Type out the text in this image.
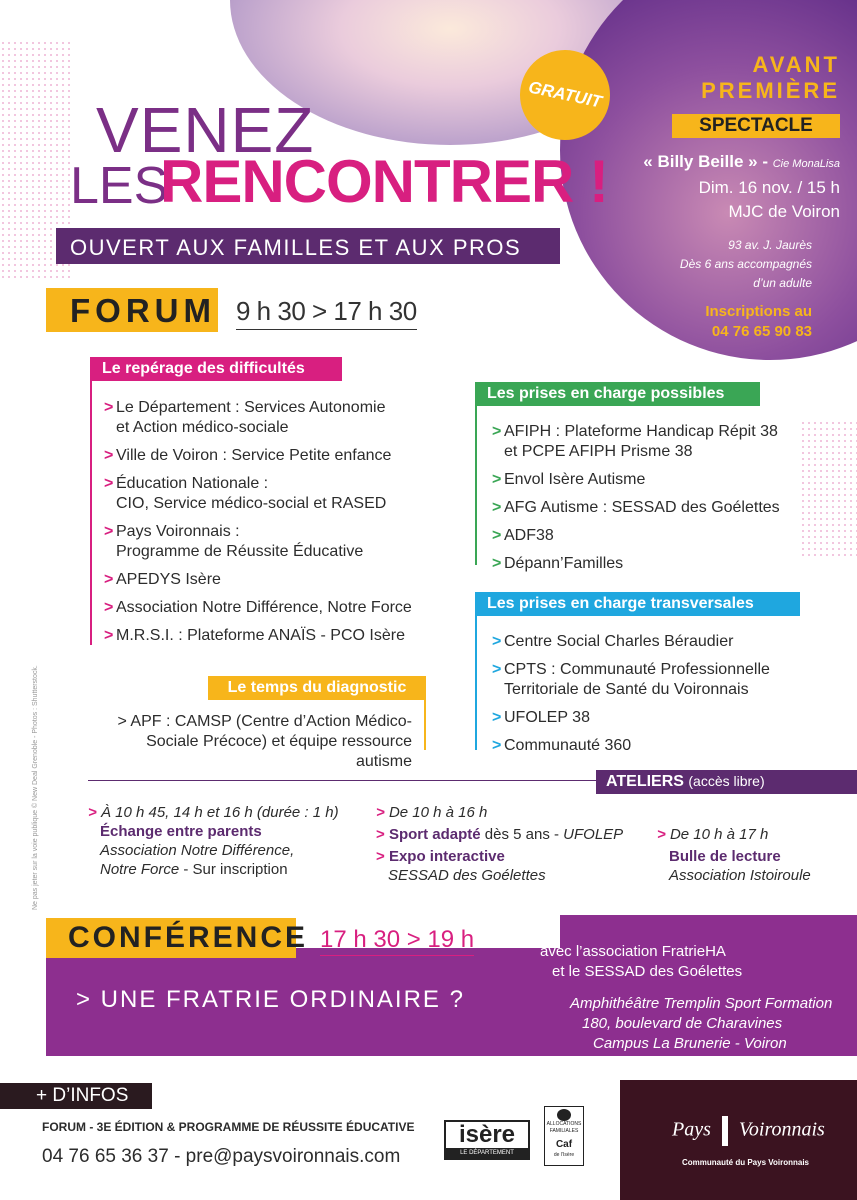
VENEZ
LES
RENCONTRER !
OUVERT AUX FAMILLES ET AUX PROS
GRATUIT
AVANT
PREMIÈRE
SPECTACLE
« Billy Beille » - Cie MonaLisa
Dim. 16 nov. / 15 h
MJC de Voiron
93 av. J. Jaurès
Dès 6 ans accompagnés
d’un adulte
Inscriptions au
04 76 65 90 83
FORUM 9 h 30 > 17 h 30
Le repérage des difficultés
> Le Département : Services Autonomie
et Action médico-sociale
> Ville de Voiron : Service Petite enfance
> Éducation Nationale :
CIO, Service médico-social et RASED
> Pays Voironnais :
Programme de Réussite Éducative
> APEDYS Isère
> Association Notre Différence, Notre Force
> M.R.S.I. : Plateforme ANAÏS - PCO Isère
Le temps du diagnostic
> APF : CAMSP (Centre d’Action Médico-
Sociale Précoce) et équipe ressource autisme
Les prises en charge possibles
> AFIPH : Plateforme Handicap Répit 38
et PCPE AFIPH Prisme 38
> Envol Isère Autisme
> AFG Autisme : SESSAD des Goélettes
> ADF38
> Dépann’Familles
Les prises en charge transversales
> Centre Social Charles Béraudier
> CPTS : Communauté Professionnelle
Territoriale de Santé du Voironnais
> UFOLEP 38
> Communauté 360
ATELIERS (accès libre)
> À 10 h 45, 14 h et 16 h (durée : 1 h)
Échange entre parents
Association Notre Différence,
Notre Force - Sur inscription
> De 10 h à 16 h
> Sport adapté dès 5 ans - UFOLEP
> Expo interactive
SESSAD des Goélettes
> De 10 h à 17 h
Bulle de lecture
Association Istoiroule
CONFÉRENCE 17 h 30 > 19 h
> UNE FRATRIE ORDINAIRE ?
avec l’association FratrieHA
et le SESSAD des Goélettes
Amphithéâtre Tremplin Sport Formation
180, boulevard de Charavines
Campus La Brunerie - Voiron
+ D’INFOS
FORUM - 3E ÉDITION & PROGRAMME DE RÉUSSITE ÉDUCATIVE
04 76 65 36 37 - pre@paysvoironnais.com
isère
LE DÉPARTEMENT
ALLOCATIONS
FAMILIALES
Caf
de l’Isère
Pays Voironnais
Communauté du Pays Voironnais
Ne pas jeter sur la voie publique © New Deal Grenoble - Photos : Shutterstock.
